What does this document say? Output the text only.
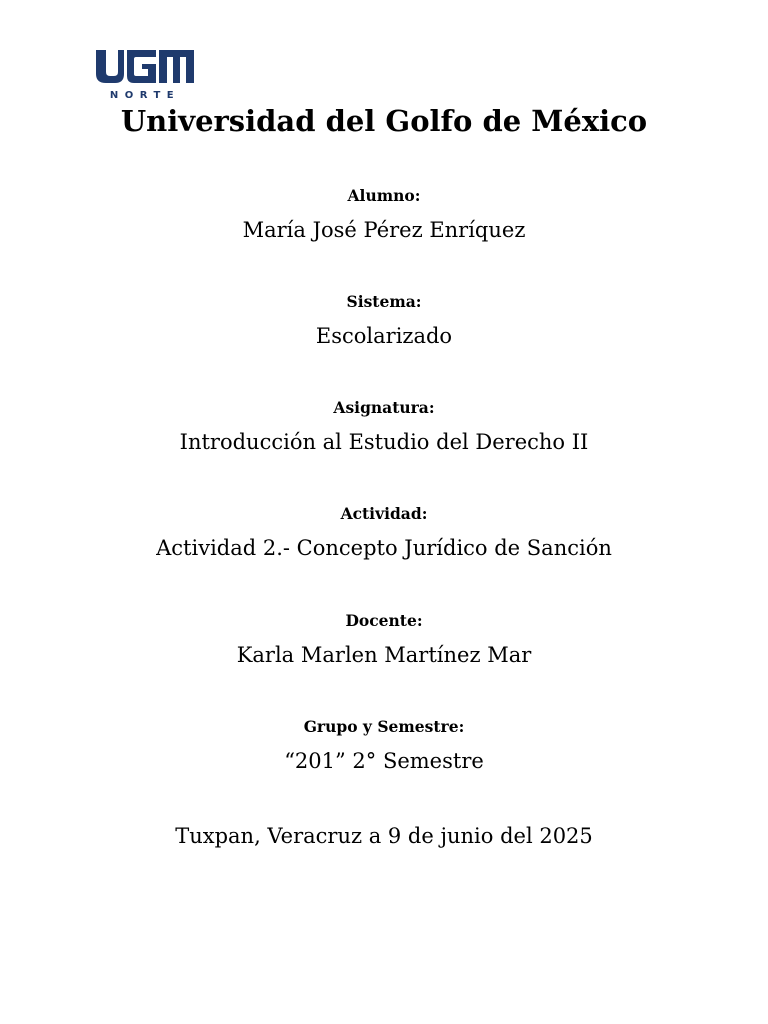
NORTE
Universidad del Golfo de México
Alumno:
María José Pérez Enríquez
Sistema:
Escolarizado
Asignatura:
Introducción al Estudio del Derecho II
Actividad:
Actividad 2.- Concepto Jurídico de Sanción
Docente:
Karla Marlen Martínez Mar
Grupo y Semestre:
“201” 2° Semestre
Tuxpan, Veracruz a 9 de junio del 2025
